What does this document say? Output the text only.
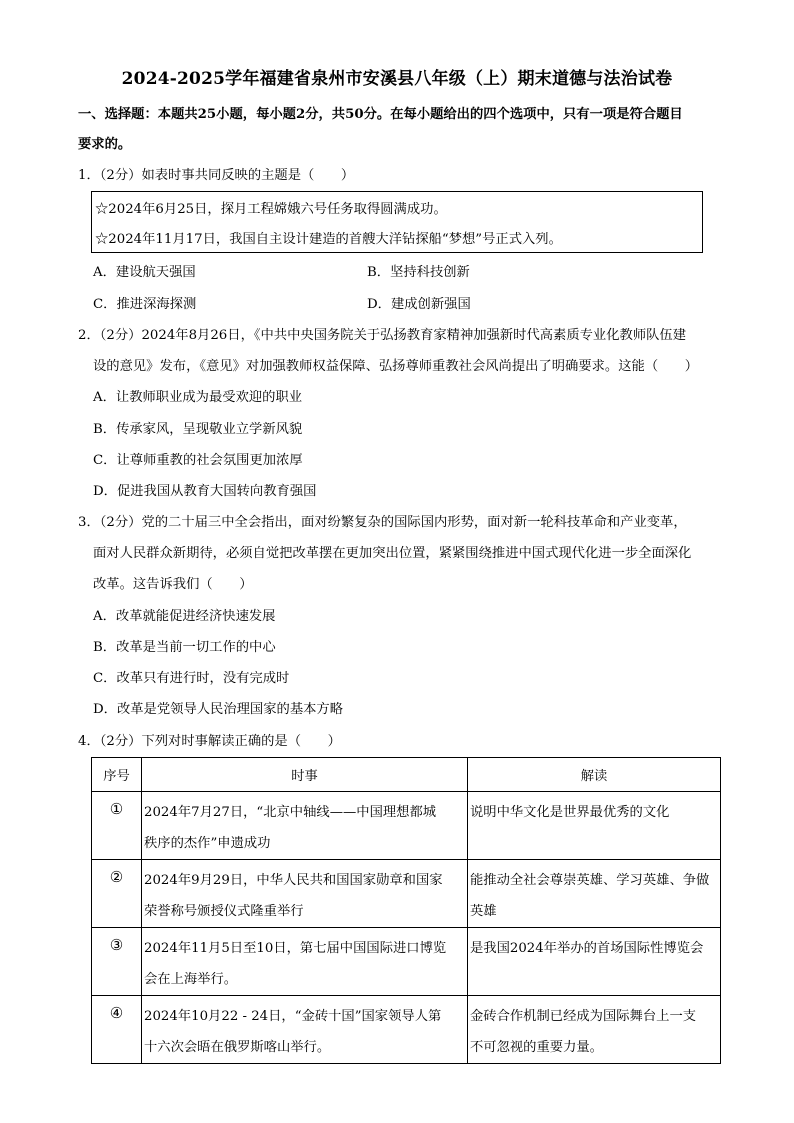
2024-2025学年福建省泉州市安溪县八年级（上）期末道德与法治试卷
一、选择题：本题共25小题，每小题2分，共50分。在每小题给出的四个选项中，只有一项是符合题目
要求的。
1．（2分）如表时事共同反映的主题是（　　）
☆2024年6月25日，探月工程嫦娥六号任务取得圆满成功。
☆2024年11月17日，我国自主设计建造的首艘大洋钻探船“梦想”号正式入列。
A．建设航天强国	B．坚持科技创新
C．推进深海探测	D．建成创新强国
2．（2分）2024年8月26日，《中共中央国务院关于弘扬教育家精神加强新时代高素质专业化教师队伍建
设的意见》发布，《意见》对加强教师权益保障、弘扬尊师重教社会风尚提出了明确要求。这能（　　）
A．让教师职业成为最受欢迎的职业
B．传承家风，呈现敬业立学新风貌
C．让尊师重教的社会氛围更加浓厚
D．促进我国从教育大国转向教育强国
3．（2分）党的二十届三中全会指出，面对纷繁复杂的国际国内形势，面对新一轮科技革命和产业变革，
面对人民群众新期待，必须自觉把改革摆在更加突出位置，紧紧围绕推进中国式现代化进一步全面深化
改革。这告诉我们（　　）
A．改革就能促进经济快速发展
B．改革是当前一切工作的中心
C．改革只有进行时，没有完成时
D．改革是党领导人民治理国家的基本方略
4．（2分）下列对时事解读正确的是（　　）
序号	时事	解读
①	2024年7月27日，“北京中轴线——中国理想都城
秩序的杰作”申遗成功	说明中华文化是世界最优秀的文化

②	2024年9月29日，中华人民共和国国家勋章和国家
荣誉称号颁授仪式隆重举行	能推动全社会尊崇英雄、学习英雄、争做
英雄

③	2024年11月5日至10日，第七届中国国际进口博览
会在上海举行。	是我国2024年举办的首场国际性博览会

④	2024年10月22 - 24日，“金砖十国”国家领导人第
十六次会晤在俄罗斯喀山举行。	金砖合作机制已经成为国际舞台上一支
不可忽视的重要力量。
